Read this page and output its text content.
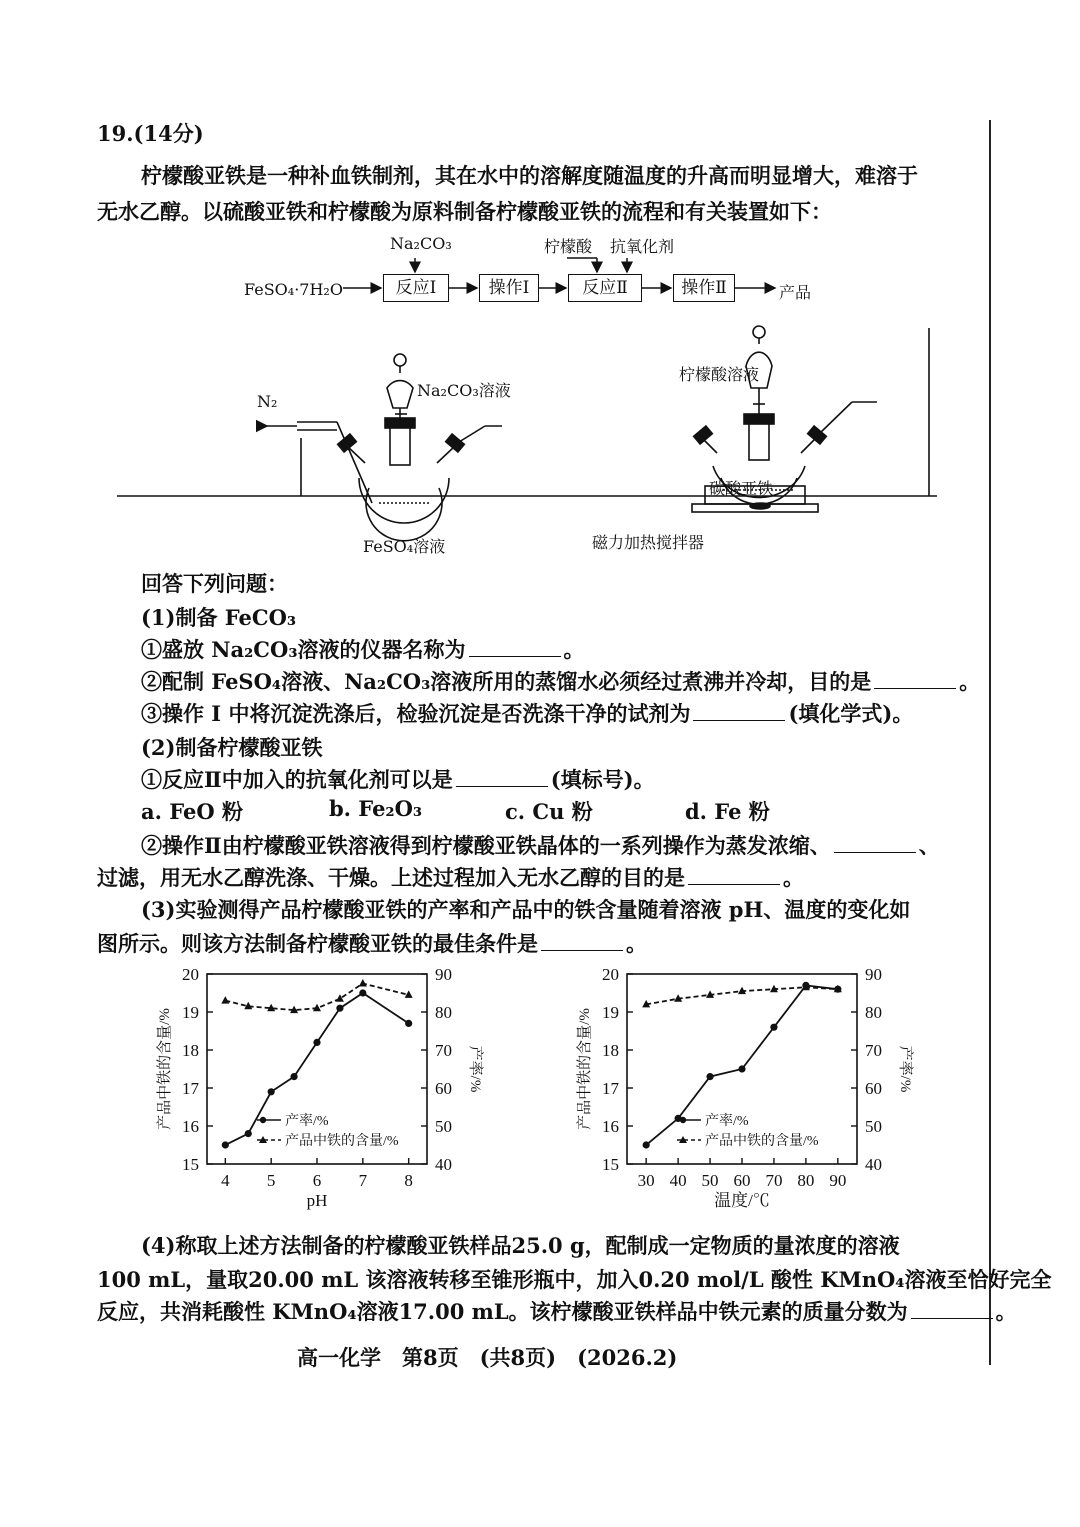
19.(14分)
柠檬酸亚铁是一种补血铁制剂，其在水中的溶解度随温度的升高而明显增大，难溶于
无水乙醇。以硫酸亚铁和柠檬酸为原料制备柠檬酸亚铁的流程和有关装置如下：
Na₂CO₃	柠檬酸 抗氧化剂
FeSO₄·7H₂O	反应Ⅰ	操作Ⅰ	反应Ⅱ	操作Ⅱ	产品
N₂
Na₂CO₃溶液
FeSO₄溶液
柠檬酸溶液
碳酸亚铁
磁力加热搅拌器
回答下列问题：
(1)制备 FeCO₃
①盛放 Na₂CO₃溶液的仪器名称为	。
②配制 FeSO₄溶液、Na₂CO₃溶液所用的蒸馏水必须经过煮沸并冷却，目的是	。
③操作 I 中将沉淀洗涤后，检验沉淀是否洗涤干净的试剂为	(填化学式)。
(2)制备柠檬酸亚铁
①反应Ⅱ中加入的抗氧化剂可以是	(填标号)。
a. FeO 粉	b. Fe₂O₃	c. Cu 粉	d. Fe 粉
②操作Ⅱ由柠檬酸亚铁溶液得到柠檬酸亚铁晶体的一系列操作为蒸发浓缩、	、
过滤，用无水乙醇洗涤、干燥。上述过程加入无水乙醇的目的是	。
(3)实验测得产品柠檬酸亚铁的产率和产品中的铁含量随着溶液 pH、温度的变化如
图所示。则该方法制备柠檬酸亚铁的最佳条件是	。
15
16
17
18
19
20
40
50
60
70
80
90
4 5 6 7 8
pH
产品中铁的含量/%	产率/%
产率/%
产品中铁的含量/%
15
16
17
18
19
20
40
50
60
70
80
90
30 40 50 60 70 80 90
温度/℃
产品中铁的含量/%	产率/%
产率/%
产品中铁的含量/%
(4)称取上述方法制备的柠檬酸亚铁样品25.0 g，配制成一定物质的量浓度的溶液
100 mL，量取20.00 mL 该溶液转移至锥形瓶中，加入0.20 mol/L 酸性 KMnO₄溶液至恰好完全
反应，共消耗酸性 KMnO₄溶液17.00 mL。该柠檬酸亚铁样品中铁元素的质量分数为	。
高一化学　第8页　(共8页)　(2026.2)
